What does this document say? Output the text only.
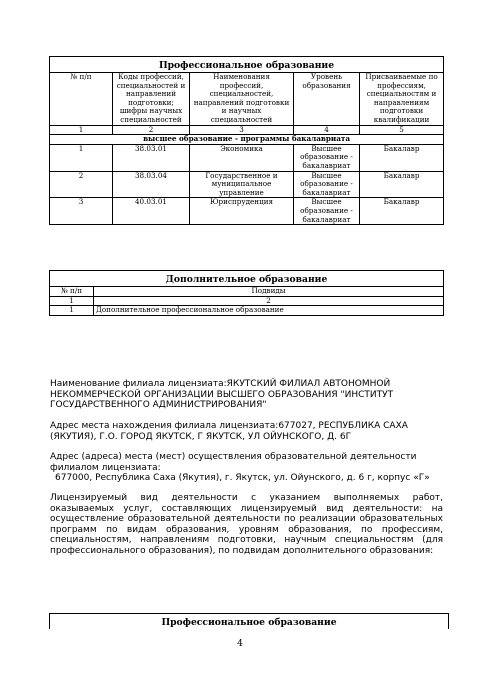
Профессиональное образование				
№ п/п	Коды профессий, специальностей и направлений подготовки; шифры научных специальностей	Наименования профессий, специальностей, направлений подготовки и научных специальностей	Уровень образования	Присваиваемые по профессиям, специальностям и направлениям подготовки квалификации
1	2	3	4	5
высшее образование - программы бакалавриата				
1	38.03.01	Экономика	Высшее образование - бакалавриат	Бакалавр
2	38.03.04	Государственное и муниципальное управление	Высшее образование - бакалавриат	Бакалавр
3	40.03.01	Юриспруденция	Высшее образование - бакалавриат	Бакалавр
Дополнительное образование	
№ п/п	Подвиды
1	2
1	Дополнительное профессиональное образование

Наименование филиала лицензиата:ЯКУТСКИЙ ФИЛИАЛ АВТОНОМНОЙ НЕКОММЕРЧЕСКОЙ ОРГАНИЗАЦИИ ВЫСШЕГО ОБРАЗОВАНИЯ "ИНСТИТУТ ГОСУДАРСТВЕННОГО АДМИНИСТРИРОВАНИЯ"

Адрес места нахождения филиала лицензиата:677027, РЕСПУБЛИКА САХА (ЯКУТИЯ), Г.О. ГОРОД ЯКУТСК, Г ЯКУТСК, УЛ ОЙУНСКОГО, Д. 6Г

Адрес (адреса) места (мест) осуществления образовательной деятельности филиалом лицензиата:
677000, Республика Саха (Якутия), г. Якутск, ул. Ойунского, д. 6 г, корпус «Г»

Лицензируемый вид деятельности с указанием выполняемых работ, оказываемых услуг, составляющих лицензируемый вид деятельности: на осуществление образовательной деятельности по реализации образовательных программ по видам образования, уровням образования, по профессиям, специальностям, направлениям подготовки, научным специальностям (для профессионального образования), по подвидам дополнительного образования:

Профессиональное образование
4
